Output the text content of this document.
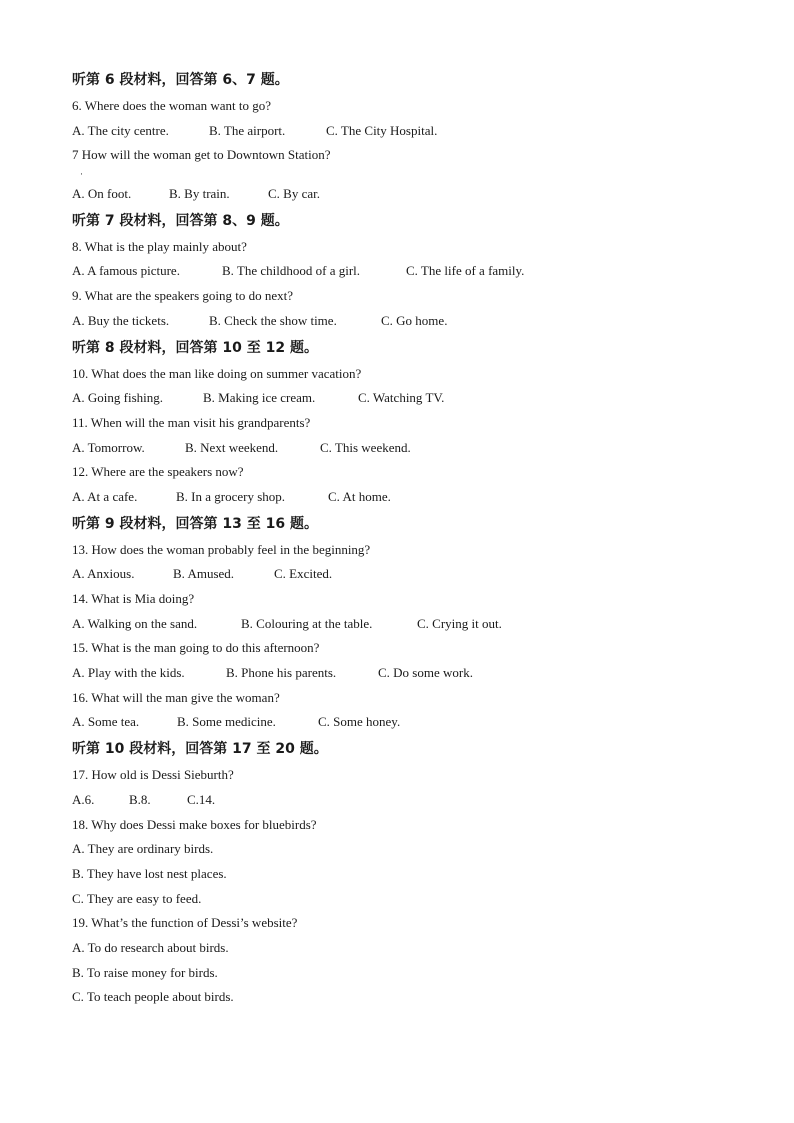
听第 6 段材料，回答第 6、7 题。
6. Where does the woman want to go?
A. The city centre.	B. The airport.	C. The City Hospital.
7 How will the woman get to Downtown Station?
·
A. On foot.	B. By train.	C. By car.
听第 7 段材料，回答第 8、9 题。
8. What is the play mainly about?
A. A famous picture.	B. The childhood of a girl.	C. The life of a family.
9. What are the speakers going to do next?
A. Buy the tickets.	B. Check the show time.	C. Go home.
听第 8 段材料，回答第 10 至 12 题。
10. What does the man like doing on summer vacation?
A. Going fishing.	B. Making ice cream.	C. Watching TV.
11. When will the man visit his grandparents?
A. Tomorrow.	B. Next weekend.	C. This weekend.
12. Where are the speakers now?
A. At a cafe.	B. In a grocery shop.	C. At home.
听第 9 段材料，回答第 13 至 16 题。
13. How does the woman probably feel in the beginning?
A. Anxious.	B. Amused.	C. Excited.
14. What is Mia doing?
A. Walking on the sand.	B. Colouring at the table.	C. Crying it out.
15. What is the man going to do this afternoon?
A. Play with the kids.	B. Phone his parents.	C. Do some work.
16. What will the man give the woman?
A. Some tea.	B. Some medicine.	C. Some honey.
听第 10 段材料，回答第 17 至 20 题。
17. How old is Dessi Sieburth?
A.6.	B.8.	C.14.
18. Why does Dessi make boxes for bluebirds?
A. They are ordinary birds.
B. They have lost nest places.
C. They are easy to feed.
19. What’s the function of Dessi’s website?
A. To do research about birds.
B. To raise money for birds.
C. To teach people about birds.
